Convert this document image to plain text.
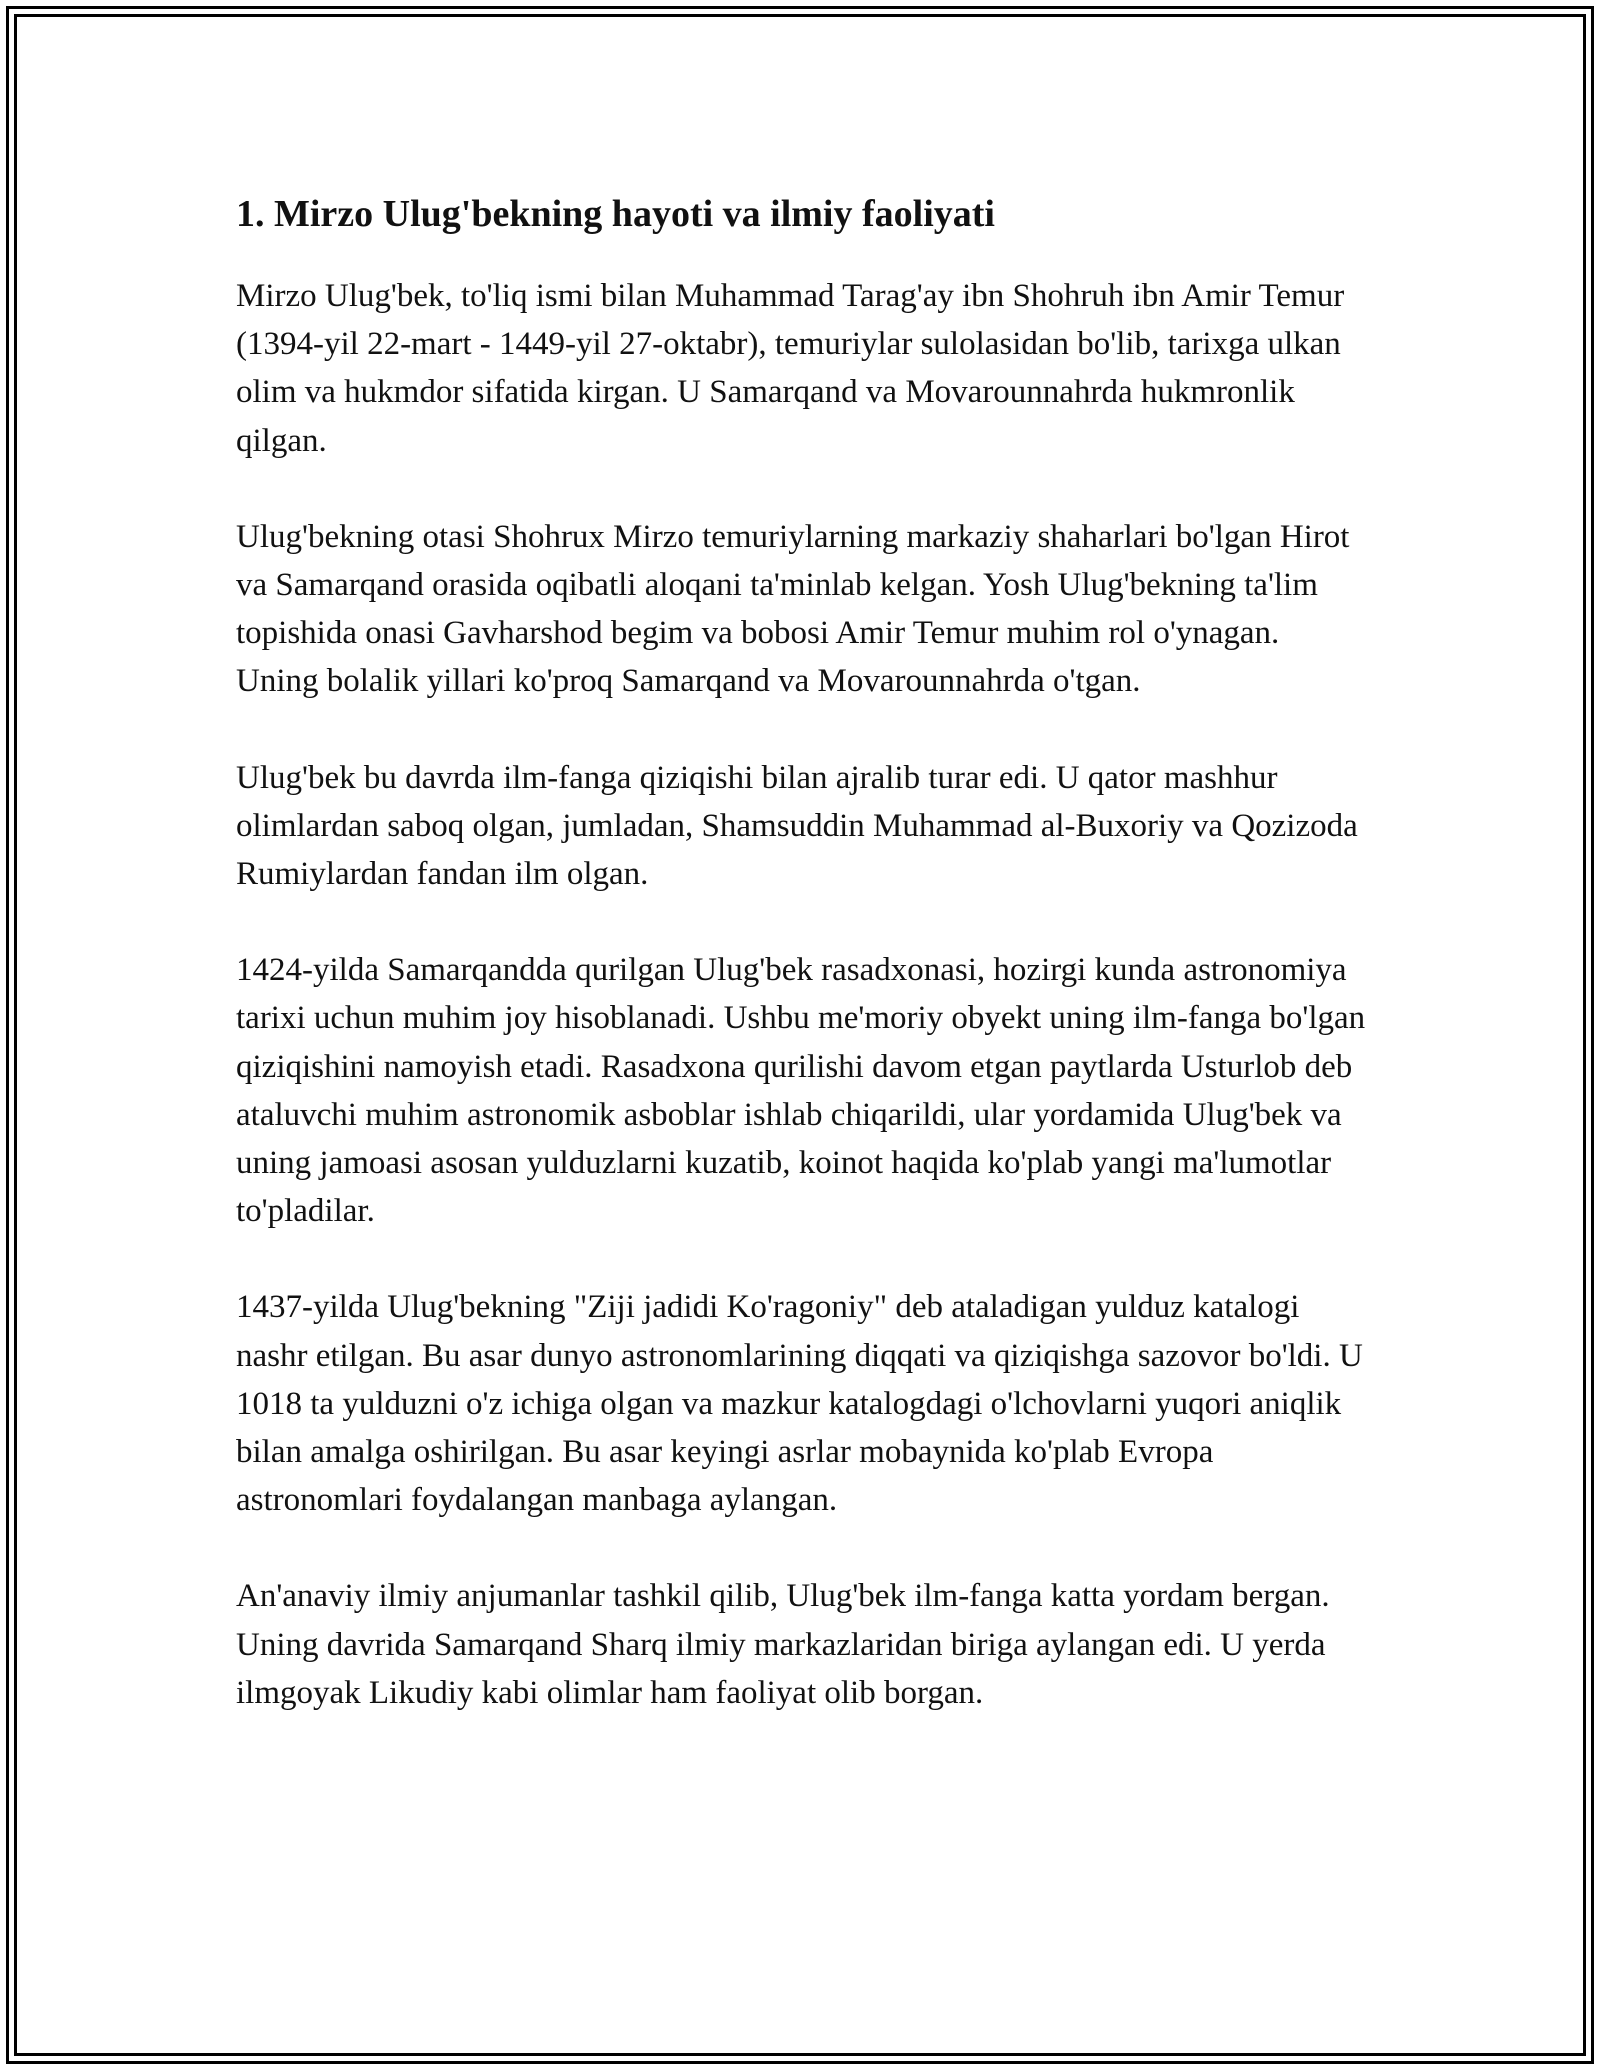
1. Mirzo Ulug'bekning hayoti va ilmiy faoliyati

Mirzo Ulug'bek, to'liq ismi bilan Muhammad Tarag'ay ibn Shohruh ibn Amir Temur (1394-yil 22-mart - 1449-yil 27-oktabr), temuriylar sulolasidan bo'lib, tarixga ulkan olim va hukmdor sifatida kirgan. U Samarqand va Movarounnahrda hukmronlik qilgan.

Ulug'bekning otasi Shohrux Mirzo temuriylarning markaziy shaharlari bo'lgan Hirot va Samarqand orasida oqibatli aloqani ta'minlab kelgan. Yosh Ulug'bekning ta'lim topishida onasi Gavharshod begim va bobosi Amir Temur muhim rol o'ynagan. Uning bolalik yillari ko'proq Samarqand va Movarounnahrda o'tgan.

Ulug'bek bu davrda ilm-fanga qiziqishi bilan ajralib turar edi. U qator mashhur olimlardan saboq olgan, jumladan, Shamsuddin Muhammad al-Buxoriy va Qozizoda Rumiylardan fandan ilm olgan.

1424-yilda Samarqandda qurilgan Ulug'bek rasadxonasi, hozirgi kunda astronomiya tarixi uchun muhim joy hisoblanadi. Ushbu me'moriy obyekt uning ilm-fanga bo'lgan qiziqishini namoyish etadi. Rasadxona qurilishi davom etgan paytlarda Usturlob deb ataluvchi muhim astronomik asboblar ishlab chiqarildi, ular yordamida Ulug'bek va uning jamoasi asosan yulduzlarni kuzatib, koinot haqida ko'plab yangi ma'lumotlar to'pladilar.

1437-yilda Ulug'bekning "Ziji jadidi Ko'ragoniy" deb ataladigan yulduz katalogi nashr etilgan. Bu asar dunyo astronomlarining diqqati va qiziqishga sazovor bo'ldi. U 1018 ta yulduzni o'z ichiga olgan va mazkur katalogdagi o'lchovlarni yuqori aniqlik bilan amalga oshirilgan. Bu asar keyingi asrlar mobaynida ko'plab Evropa astronomlari foydalangan manbaga aylangan.

An'anaviy ilmiy anjumanlar tashkil qilib, Ulug'bek ilm-fanga katta yordam bergan. Uning davrida Samarqand Sharq ilmiy markazlaridan biriga aylangan edi. U yerda ilmgoyak Likudiy kabi olimlar ham faoliyat olib borgan.
